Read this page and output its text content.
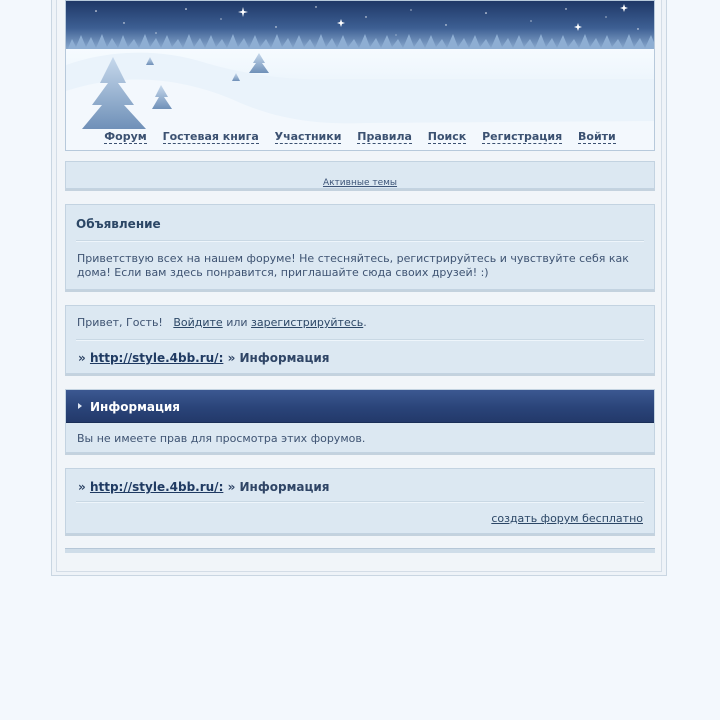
Форум Гостевая книга Участники Правила Поиск Регистрация Войти
$_{Активные темы}$
Объявление
Приветствую всех на нашем форуме! Не стесняйтесь, регистрируйтесь и чувствуйте себя как дома! Если вам здесь понравится, приглашайте сюда своих друзей! :)
Привет, Гость! Войдите или зарегистрируйтесь.
» http://style.4bb.ru/: » Информация
Информация
Вы не имеете прав для просмотра этих форумов.
» http://style.4bb.ru/: » Информация
создать форум бесплатно
